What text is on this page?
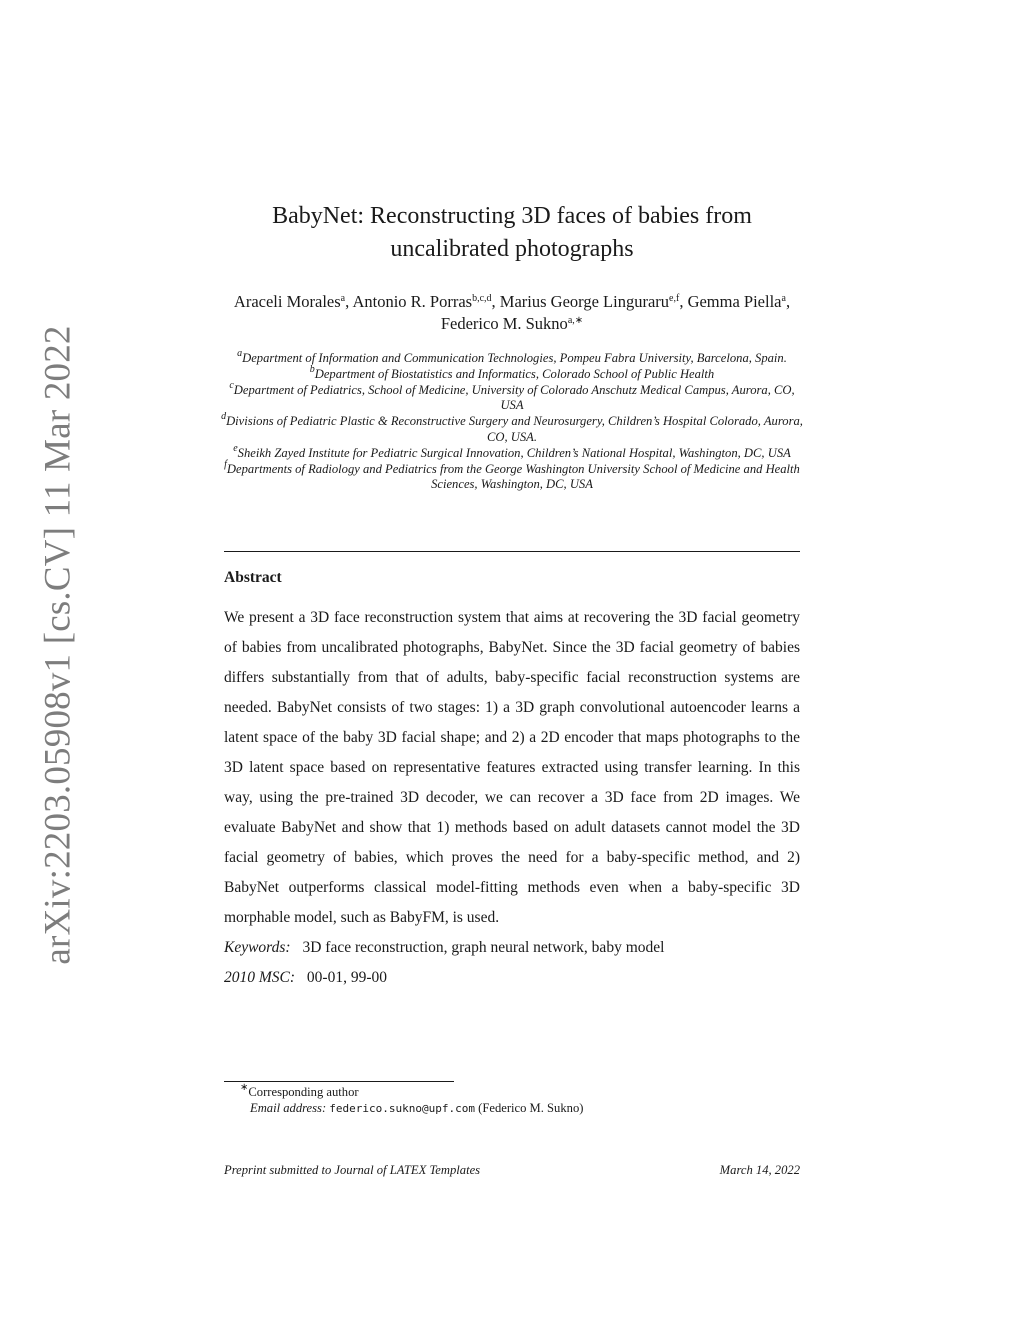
arXiv:2203.05908v1 [cs.CV] 11 Mar 2022
BabyNet: Reconstructing 3D faces of babies from uncalibrated photographs
Araceli Morales$^a$, Antonio R. Porras$^{b,c,d}$, Marius George Linguraru$^{e,f}$, Gemma Piella$^a$, Federico M. Sukno$^{a,∗}$
$^a$Department of Information and Communication Technologies, Pompeu Fabra University, Barcelona, Spain.
$^b$Department of Biostatistics and Informatics, Colorado School of Public Health
$^c$Department of Pediatrics, School of Medicine, University of Colorado Anschutz Medical Campus, Aurora, CO, USA
$^d$Divisions of Pediatric Plastic & Reconstructive Surgery and Neurosurgery, Children’s Hospital Colorado, Aurora, CO, USA.
$^e$Sheikh Zayed Institute for Pediatric Surgical Innovation, Children’s National Hospital, Washington, DC, USA
$^f$Departments of Radiology and Pediatrics from the George Washington University School of Medicine and Health Sciences, Washington, DC, USA
Abstract
We present a 3D face reconstruction system that aims at recovering the 3D facial geometry of babies from uncalibrated photographs, BabyNet. Since the 3D facial geometry of babies differs substantially from that of adults, baby-specific facial reconstruction systems are needed. BabyNet consists of two stages: 1) a 3D graph convolutional autoencoder learns a latent space of the baby 3D facial shape; and 2) a 2D encoder that maps photographs to the 3D latent space based on representative features extracted using transfer learning. In this way, using the pre-trained 3D decoder, we can recover a 3D face from 2D images. We evaluate BabyNet and show that 1) methods based on adult datasets cannot model the 3D facial geometry of babies, which proves the need for a baby-specific method, and 2) BabyNet outperforms classical model-fitting methods even when a baby-specific 3D morphable model, such as BabyFM, is used.
Keywords: 3D face reconstruction, graph neural network, baby model
2010 MSC: 00-01, 99-00
∗Corresponding author
Email address: federico.sukno@upf.com (Federico M. Sukno)
Preprint submitted to Journal of LATEX Templates	March 14, 2022
